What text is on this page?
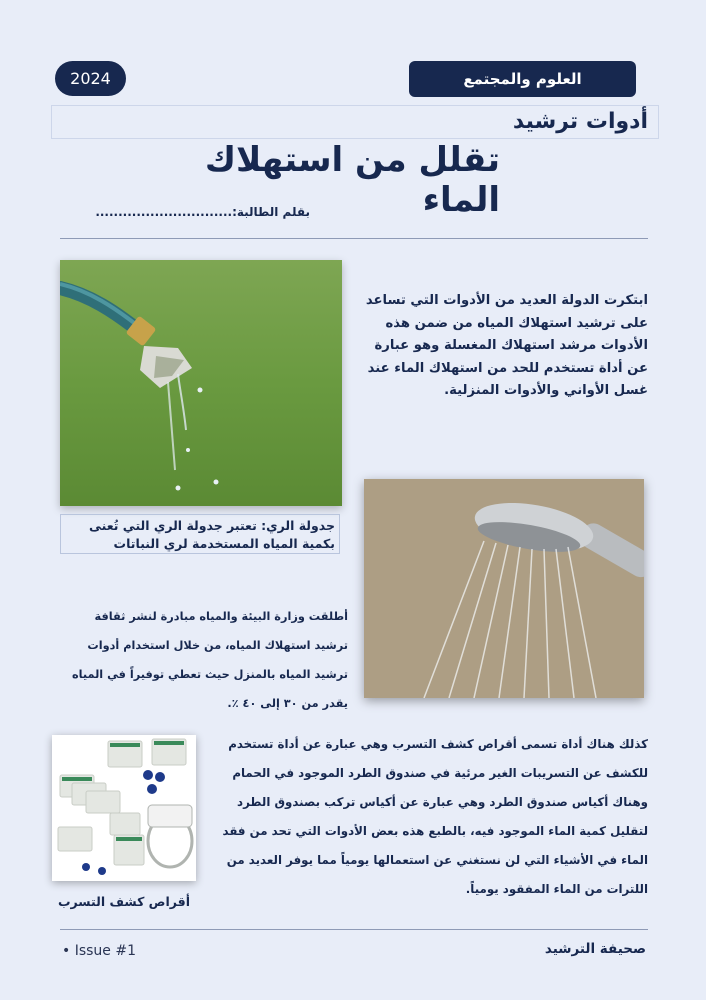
2024	العلوم والمجتمع
أدوات ترشيد
تقلل من استهلاك الماء
بقلم الطالبة:..............................
ابتكرت الدولة العديد من الأدوات التي تساعد على ترشيد استهلاك المياه من ضمن هذه الأدوات مرشد استهلاك المغسلة وهو عبارة عن أداة تستخدم للحد من استهلاك الماء عند غسل الأواني والأدوات المنزلية.
جدولة الري: تعتبر جدولة الري التي تُعنى بكمية المياه المستخدمة لري النباتات
أطلقت وزارة البيئة والمياه مبادرة لنشر ثقافة ترشيد استهلاك المياه، من خلال استخدام أدوات ترشيد المياه بالمنزل حيث تعطي توفيراً في المياه يقدر من ٣٠ إلى ٤٠ ٪.
كذلك هناك أداة تسمى أقراص كشف التسرب وهي عبارة عن أداة تستخدم للكشف عن التسريبات الغير مرئية في صندوق الطرد الموجود في الحمام وهناك أكياس صندوق الطرد وهي عبارة عن أكياس تركب بصندوق الطرد لتقليل كمية الماء الموجود فيه، بالطبع هذه بعض الأدوات التي تحد من فقد الماء في الأشياء التي لن نستغني عن استعمالها يومياً مما يوفر العديد من اللترات من الماء المفقود يومياً.
أقراص كشف التسرب
• Issue #1	صحيفة الترشيد
